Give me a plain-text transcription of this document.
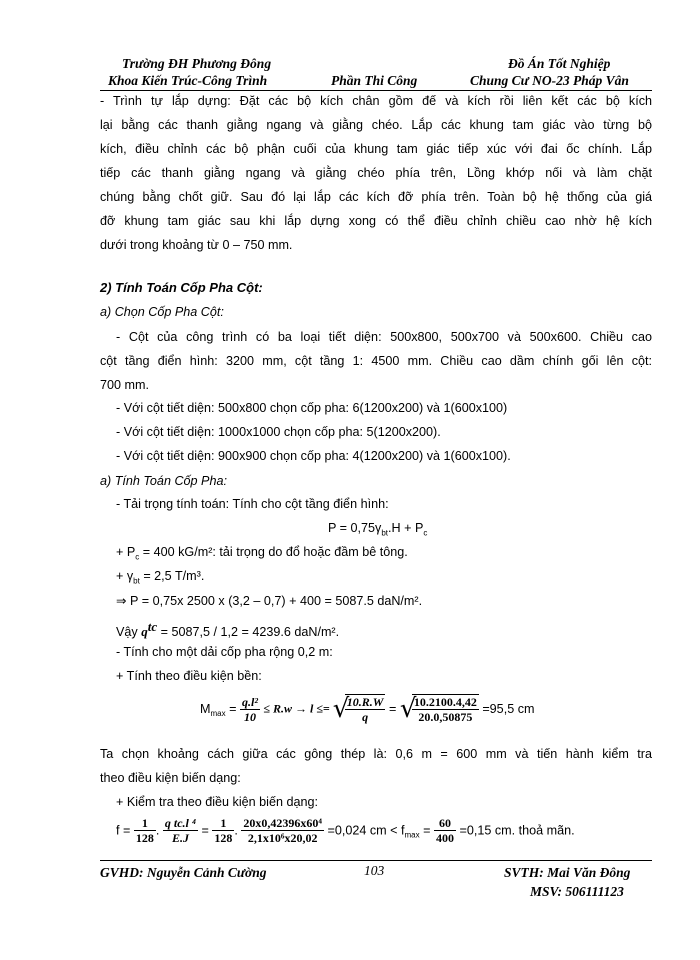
Trường ĐH Phương Đông
Khoa Kiến Trúc-Công Trình	Phần Thi Công
Đồ Án Tốt Nghiệp
Chung Cư NO-23 Pháp Vân
- Trình tự lắp dựng: Đặt các bộ kích chân gồm đế và kích rồi liên kết các bộ kích
lại bằng các thanh giằng ngang và giằng chéo. Lắp các khung tam giác vào từng bộ
kích, điều chỉnh các bộ phận cuối của khung tam giác tiếp xúc với đai ốc chính. Lắp
tiếp các thanh giằng ngang và giằng chéo phía trên, Lồng khớp nối và làm chặt
chúng bằng chốt giữ. Sau đó lại lắp các kích đỡ phía trên. Toàn bộ hệ thống của giá
đỡ khung tam giác sau khi lắp dựng xong có thể điều chỉnh chiều cao nhờ hệ kích
dưới trong khoảng từ 0 – 750 mm.
2) Tính Toán Cốp Pha Cột:
a) Chọn Cốp Pha Cột:
- Cột của công trình có ba loại tiết diện: 500x800, 500x700 và 500x600. Chiều cao
cột tầng điển hình: 3200 mm, cột tầng 1: 4500 mm. Chiều cao dầm chính gối lên cột:
700 mm.
- Với cột tiết diện: 500x800 chọn cốp pha: 6(1200x200) và 1(600x100)
- Với cột tiết diện: 1000x1000 chọn cốp pha: 5(1200x200).
- Với cột tiết diện: 900x900 chọn cốp pha: 4(1200x200) và 1(600x100).
a) Tính Toán Cốp Pha:
- Tải trọng tính toán: Tính cho cột tầng điển hình:
$P = 0,75\gamma_{bt}.H + P_c$
+ $P_c = 400$ kG/m²: tải trọng do đổ hoặc đầm bê tông.
+ $\gamma_{bt} = 2,5$ T/m³.
⇒ P = 0,75x 2500 x (3,2 – 0,7) + 400 = 5087.5 daN/m².
Vậy $q^{tc} = 5087,5 / 1,2 = 4239.6$ daN/m².
- Tính cho một dải cốp pha rộng 0,2 m:
+ Tính theo điều kiện bền:
$M_{max} = \frac{\text{q.l²}}{10} \le R.w \to l$ ≤= √
$\frac{10.R.W}{q}$ = √
$\frac{10.2100.4,42}{20.0,50875} =95,5$ cm
Ta chọn khoảng cách giữa các gông thép là: 0,6 m = 600 mm và tiến hành kiểm tra
theo điều kiện biến dạng:
+ Kiểm tra theo điều kiện biến dạng:
$f = \frac{1}{128}$ . $\frac{\text{q tc.l ⁴}}{E.J} = \frac{1}{128}$ . $\frac{\text{20x0,42396x60⁴}}{\text{2,1x10⁶x20,02}} =0,024$ cm < $f_{max} = \frac{60}{400} =0,15$ cm. thoả mãn.
GVHD: Nguyễn Cảnh Cường	103	SVTH: Mai Văn Đông
MSV: 506111123
